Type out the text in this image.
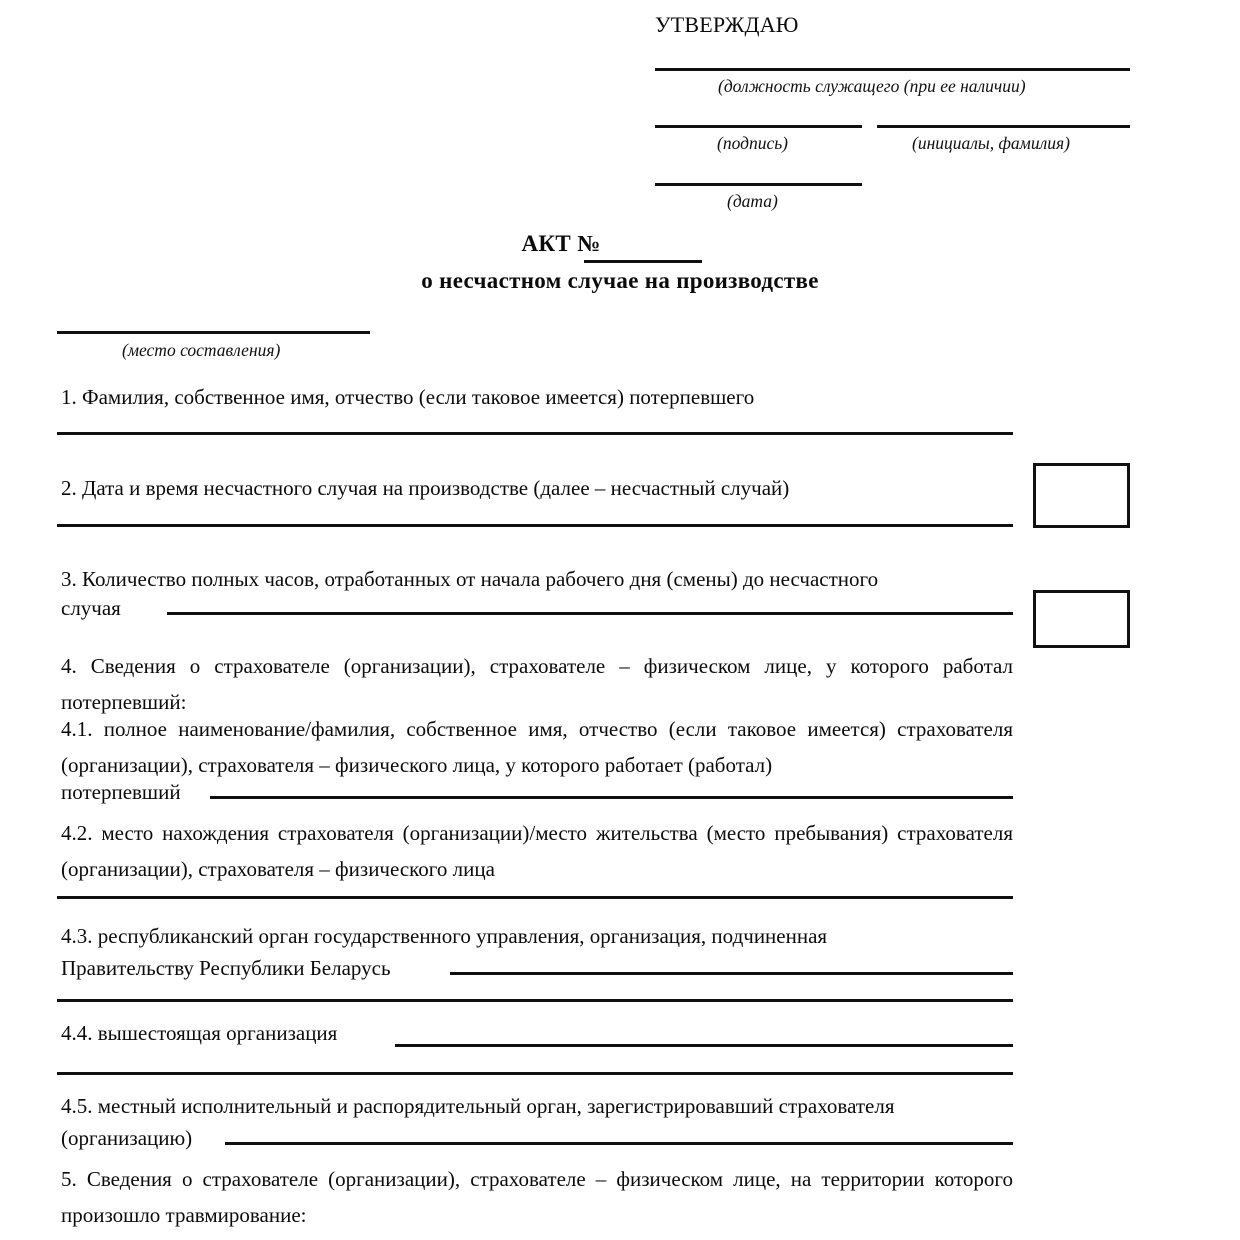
УТВЕРЖДАЮ
(должность служащего (при ее наличии)
(подпись)	(инициалы, фамилия)
(дата)
АКТ №
о несчастном случае на производстве
(место составления)
1. Фамилия, собственное имя, отчество (если таковое имеется) потерпевшего
2. Дата и время несчастного случая на производстве (далее – несчастный случай)
3. Количество полных часов, отработанных от начала рабочего дня (смены) до несчастного
случая
4. Сведения о страхователе (организации), страхователе – физическом лице, у которого работал потерпевший:
4.1. полное наименование/фамилия, собственное имя, отчество (если таковое имеется) страхователя (организации), страхователя – физического лица, у которого работает (работал)
потерпевший
4.2. место нахождения страхователя (организации)/место жительства (место пребывания) страхователя (организации), страхователя – физического лица
4.3. республиканский орган государственного управления, организация, подчиненная
Правительству Республики Беларусь
4.4. вышестоящая организация
4.5. местный исполнительный и распорядительный орган, зарегистрировавший страхователя
(организацию)
5. Сведения о страхователе (организации), страхователе – физическом лице, на территории которого произошло травмирование:
